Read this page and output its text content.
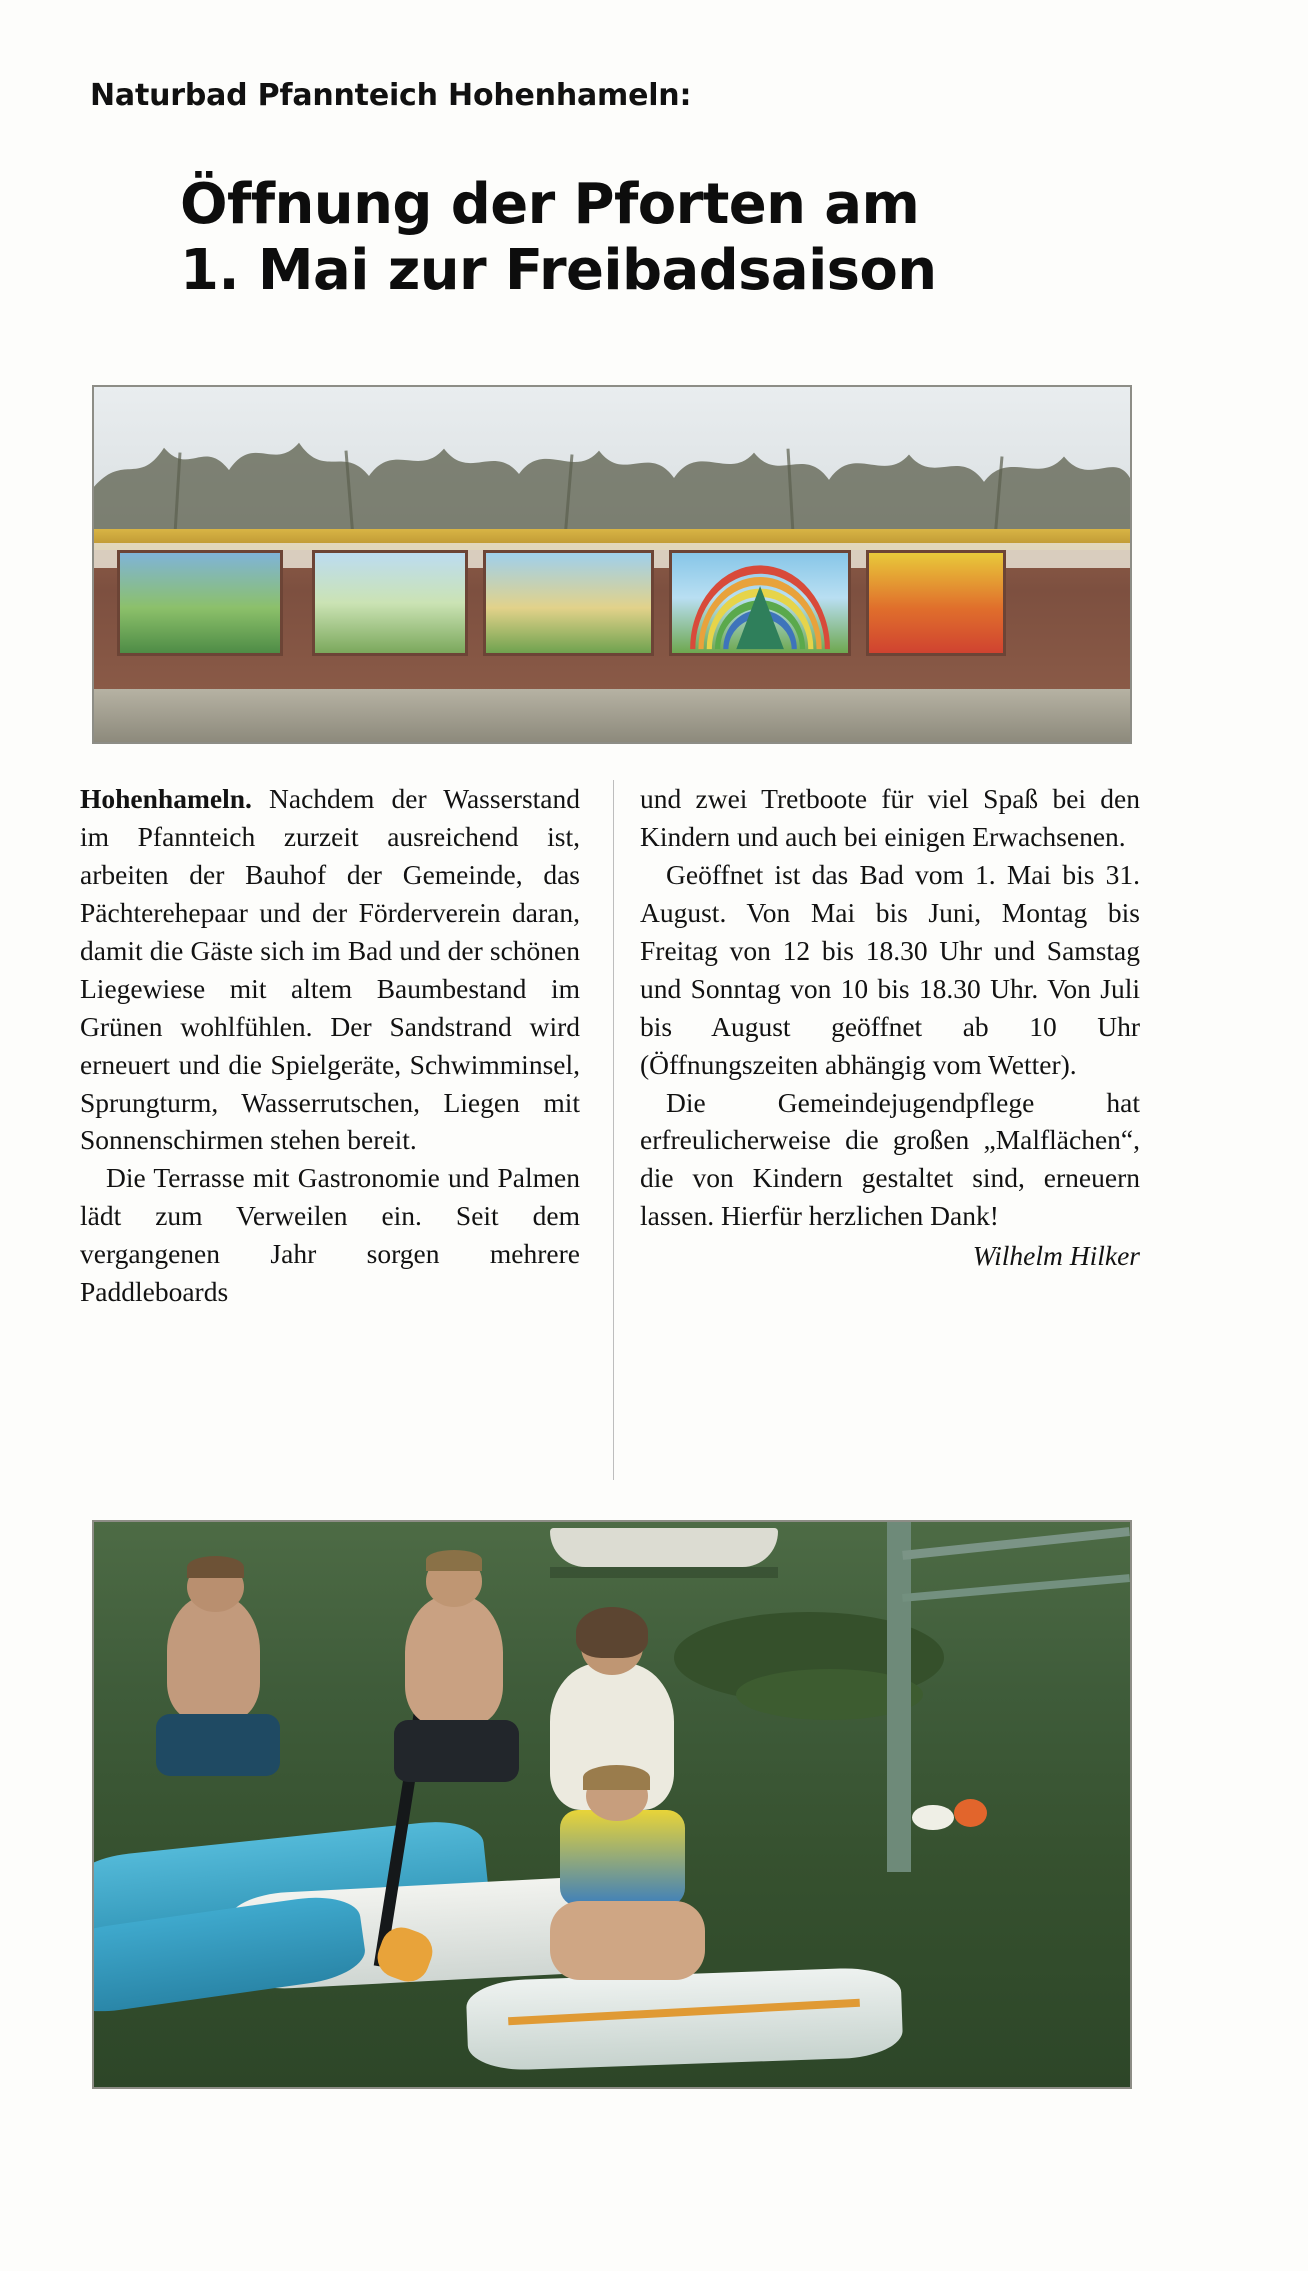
Naturbad Pfannteich Hohenhameln:
Öffnung der Pforten am
1. Mai zur Freibadsaison

Hohenhameln. Nachdem der Wasserstand im Pfannteich zurzeit ausreichend ist, arbeiten der Bauhof der Gemeinde, das Pächterehepaar und der Förderverein daran, damit die Gäste sich im Bad und der schönen Liegewiese mit altem Baumbestand im Grünen wohlfühlen. Der Sandstrand wird erneuert und die Spielgeräte, Schwimminsel, Sprungturm, Wasserrutschen, Liegen mit Sonnenschirmen stehen bereit.

Die Terrasse mit Gastronomie und Palmen lädt zum Verweilen ein. Seit dem vergangenen Jahr sorgen mehrere Paddleboards

und zwei Tretboote für viel Spaß bei den Kindern und auch bei einigen Erwachsenen.

Geöffnet ist das Bad vom 1. Mai bis 31. August. Von Mai bis Juni, Montag bis Freitag von 12 bis 18.30 Uhr und Samstag und Sonntag von 10 bis 18.30 Uhr. Von Juli bis August geöffnet ab 10 Uhr (Öffnungszeiten abhängig vom Wetter).

Die Gemeindejugendpflege hat erfreulicherweise die großen „Malflächen“, die von Kindern gestaltet sind, erneuern lassen. Hierfür herzlichen Dank!

Wilhelm Hilker
